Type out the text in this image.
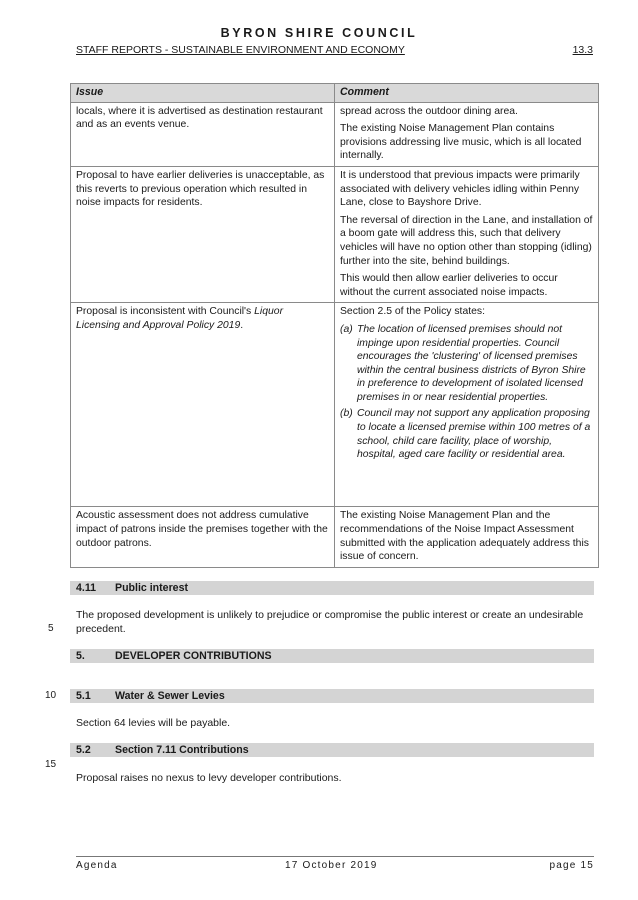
BYRON SHIRE COUNCIL
STAFF REPORTS - SUSTAINABLE ENVIRONMENT AND ECONOMY	13.3
Issue	Comment
locals, where it is advertised as destination restaurant and as an events venue.	spread across the outdoor dining area.

The existing Noise Management Plan contains provisions addressing live music, which is all located internally.

Proposal to have earlier deliveries is unacceptable, as this reverts to previous operation which resulted in noise impacts for residents.	It is understood that previous impacts were primarily associated with delivery vehicles idling within Penny Lane, close to Bayshore Drive.

The reversal of direction in the Lane, and installation of a boom gate will address this, such that delivery vehicles will have no option other than stopping (idling) further into the site, behind buildings.

This would then allow earlier deliveries to occur without the current associated noise impacts.

Proposal is inconsistent with Council's Liquor Licensing and Approval Policy 2019.	Section 2.5 of the Policy states:

(a) The location of licensed premises should not impinge upon residential properties. Council encourages the 'clustering' of licensed premises within the central business districts of Byron Shire in preference to development of isolated licensed premises in or near residential properties.
(b) Council may not support any application proposing to locate a licensed premise within 100 metres of a school, child care facility, place of worship, hospital, aged care facility or residential area.

Acoustic assessment does not address cumulative impact of patrons inside the premises together with the outdoor patrons.	The existing Noise Management Plan and the recommendations of the Noise Impact Assessment submitted with the application adequately address this issue of concern.

4.11 Public interest
The proposed development is unlikely to prejudice or compromise the public interest or create an undesirable precedent.
5
5.	DEVELOPER CONTRIBUTIONS
10 5.1 Water & Sewer Levies
Section 64 levies will be payable.
5.2 Section 7.11 Contributions
15
Proposal raises no nexus to levy developer contributions.
Agenda	17 October 2019	page 15
